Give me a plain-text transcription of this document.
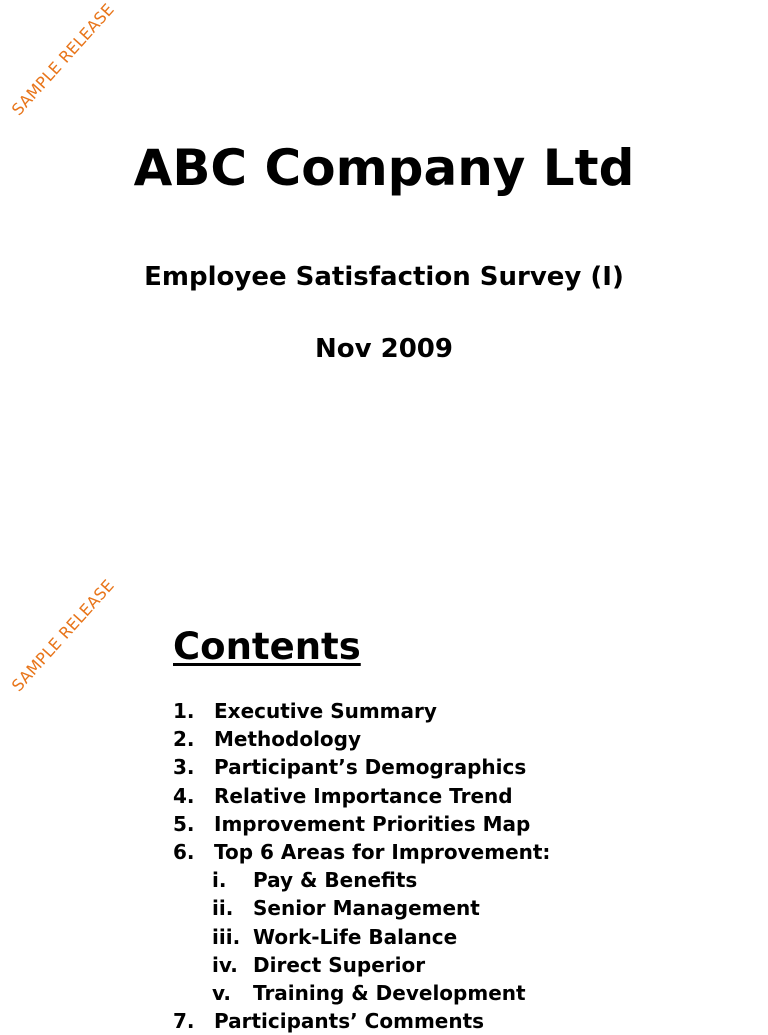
SAMPLE RELEASE
SAMPLE RELEASE
ABC Company Ltd
Employee Satisfaction Survey (I)
Nov 2009
Contents
1. Executive Summary
2. Methodology
3. Participant’s Demographics
4. Relative Importance Trend
5. Improvement Priorities Map
6. Top 6 Areas for Improvement:
i.	Pay & Benefits
ii. Senior Management
iii. Work-Life Balance
iv. Direct Superior
v.	Training & Development
7. Participants’ Comments
